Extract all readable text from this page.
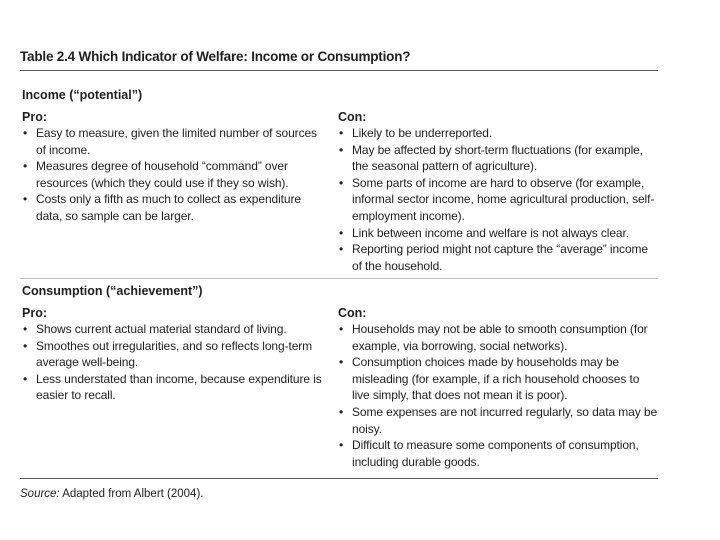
Table 2.4 Which Indicator of Welfare: Income or Consumption?
Income (“potential”)
Pro:
• Easy to measure, given the limited number of sources of income.
• Measures degree of household “command” over resources (which they could use if they so wish).
• Costs only a fifth as much to collect as expenditure data, so sample can be larger.
Con:
• Likely to be underreported.
• May be affected by short-term fluctuations (for example, the seasonal pattern of agriculture).
• Some parts of income are hard to observe (for example, informal sector income, home agricultural production, self-employment income).
• Link between income and welfare is not always clear.
• Reporting period might not capture the “average” income of the household.
Consumption (“achievement”)
Pro:
• Shows current actual material standard of living.
• Smoothes out irregularities, and so reflects long-term average well-being.
• Less understated than income, because expenditure is easier to recall.
Con:
• Households may not be able to smooth consumption (for example, via borrowing, social networks).
• Consumption choices made by households may be misleading (for example, if a rich household chooses to live simply, that does not mean it is poor).
• Some expenses are not incurred regularly, so data may be noisy.
• Difficult to measure some components of consumption, including durable goods.
Source: Adapted from Albert (2004).
